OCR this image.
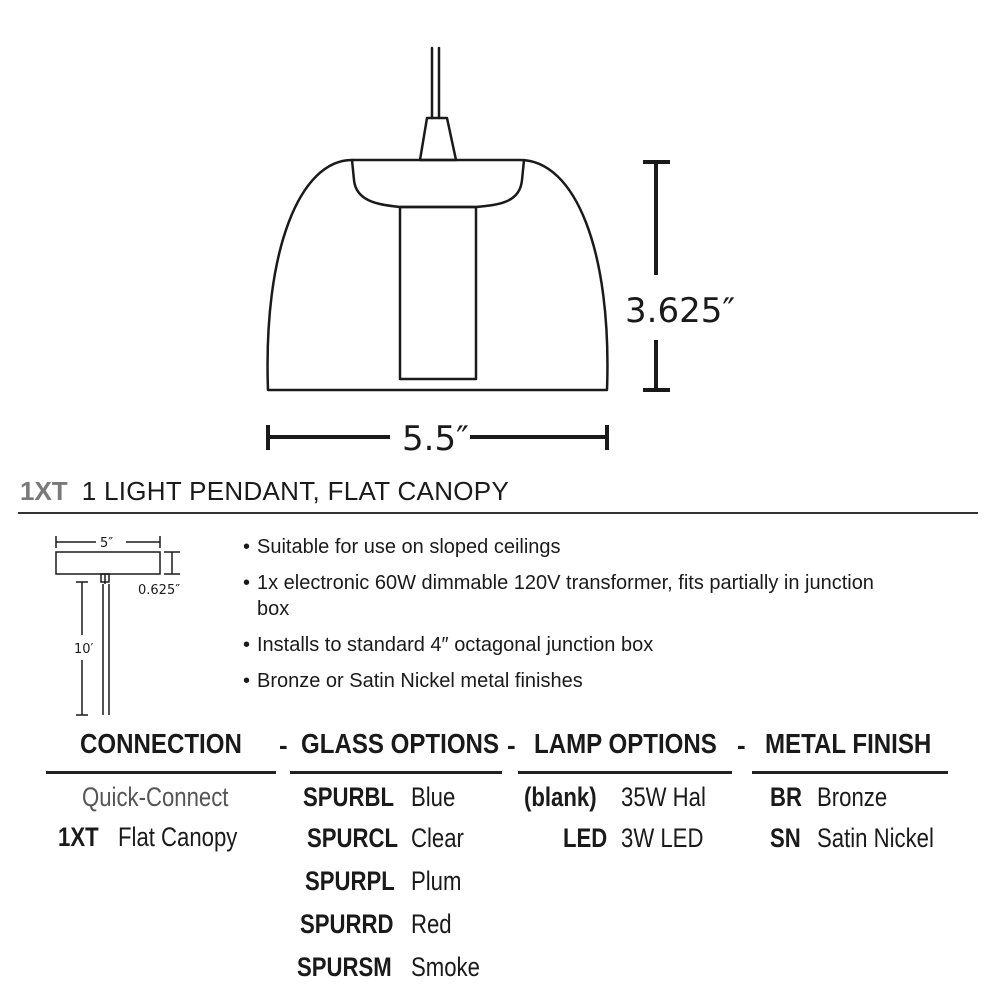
3.625″
5.5″
1XT 1 LIGHT PENDANT, FLAT CANOPY
5″
0.625″
10′
• Suitable for use on sloped ceilings
• 1x electronic 60W dimmable 120V transformer, fits partially in junction box
• Installs to standard 4″ octagonal junction box
• Bronze or Satin Nickel metal finishes
CONNECTION - GLASS OPTIONS - LAMP OPTIONS - METAL FINISH
Quick-Connect
1XT Flat Canopy
SPURBL Blue
SPURCL Clear
SPURPL Plum
SPURRD Red
SPURSM Smoke
(blank) 35W Hal
LED 3W LED
BR Bronze
SN Satin Nickel
